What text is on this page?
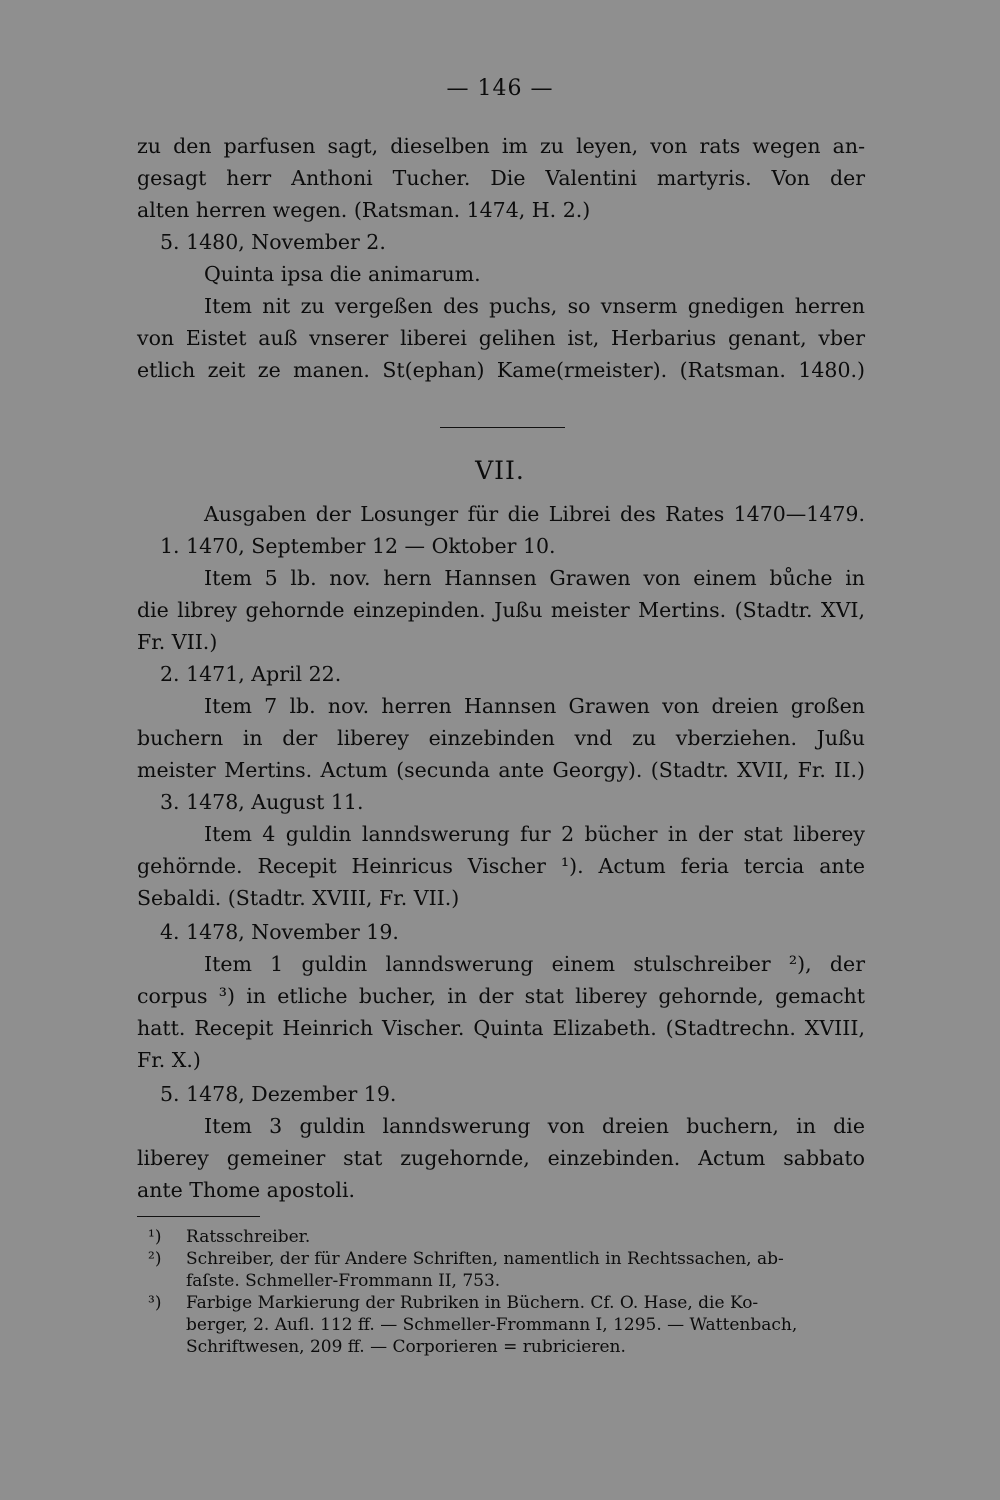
— 146 —
zu den parfusen sagt, dieselben im zu leyen, von rats wegen an-
gesagt herr Anthoni Tucher. Die Valentini martyris. Von der
alten herren wegen. (Ratsman. 1474, H. 2.)
5. 1480, November 2.
Quinta ipsa die animarum.
Item nit zu vergeßen des puchs, so vnserm gnedigen herren
von Eistet auß vnserer liberei gelihen ist, Herbarius genant, vber
etlich zeit ze manen. St(ephan) Kame(rmeister). (Ratsman. 1480.)
VII.
Ausgaben der Losunger für die Librei des Rates 1470—1479.
1. 1470, September 12 — Oktober 10.
Item 5 lb. nov. hern Hannsen Grawen von einem bůche in
die librey gehornde einzepinden. Jußu meister Mertins. (Stadtr. XVI,
Fr. VII.)
2. 1471, April 22.
Item 7 lb. nov. herren Hannsen Grawen von dreien großen
buchern in der liberey einzebinden vnd zu vberziehen. Jußu
meister Mertins. Actum (secunda ante Georgy). (Stadtr. XVII, Fr. II.)
3. 1478, August 11.
Item 4 guldin lanndswerung fur 2 bücher in der stat liberey
gehörnde. Recepit Heinricus Vischer ¹). Actum feria tercia ante
Sebaldi. (Stadtr. XVIII, Fr. VII.)
4. 1478, November 19.
Item 1 guldin lanndswerung einem stulschreiber ²), der
corpus ³) in etliche bucher, in der stat liberey gehornde, gemacht
hatt. Recepit Heinrich Vischer. Quinta Elizabeth. (Stadtrechn. XVIII,
Fr. X.)
5. 1478, Dezember 19.
Item 3 guldin lanndswerung von dreien buchern, in die
liberey gemeiner stat zugehornde, einzebinden. Actum sabbato
ante Thome apostoli.
¹) Ratsschreiber.
²) Schreiber, der für Andere Schriften, namentlich in Rechtssachen, ab-
faſste. Schmeller-Frommann II, 753.
³) Farbige Markierung der Rubriken in Büchern. Cf. O. Hase, die Ko-
berger, 2. Aufl. 112 ff. — Schmeller-Frommann I, 1295. — Wattenbach,
Schriftwesen, 209 ff. — Corporieren = rubricieren.
